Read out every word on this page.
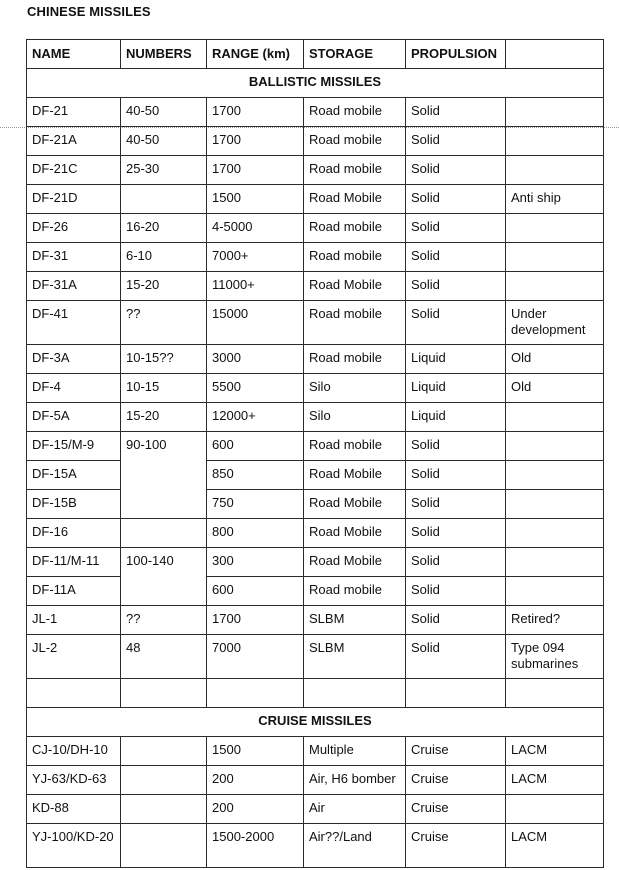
CHINESE MISSILES
NAME	NUMBERS	RANGE (km)	STORAGE	PROPULSION	
BALLISTIC MISSILES					
DF-21	40-50	1700	Road mobile	Solid	
DF-21A	40-50	1700	Road mobile	Solid	
DF-21C	25-30	1700	Road mobile	Solid	
DF-21D		1500	Road Mobile	Solid	Anti ship
DF-26	16-20	4-5000	Road mobile	Solid	
DF-31	6-10	7000+	Road mobile	Solid	
DF-31A	15-20	11000+	Road Mobile	Solid	
DF-41	??	15000	Road mobile	Solid	Under development
DF-3A	10-15??	3000	Road mobile	Liquid	Old
DF-4	10-15	5500	Silo	Liquid	Old
DF-5A	15-20	12000+	Silo	Liquid	
DF-15/M-9	90-100	600	Road mobile	Solid	
DF-15A		850	Road Mobile	Solid	
DF-15B		750	Road Mobile	Solid	
DF-16		800	Road Mobile	Solid	
DF-11/M-11	100-140	300	Road Mobile	Solid	
DF-11A		600	Road mobile	Solid	
JL-1	??	1700	SLBM	Solid	Retired?
JL-2	48	7000	SLBM	Solid	Type 094 submarines

CRUISE MISSILES					
CJ-10/DH-10		1500	Multiple	Cruise	LACM
YJ-63/KD-63		200	Air, H6 bomber	Cruise	LACM
KD-88		200	Air	Cruise	

YJ-100/KD-20		1500-2000	Air??/Land	Cruise	LACM
